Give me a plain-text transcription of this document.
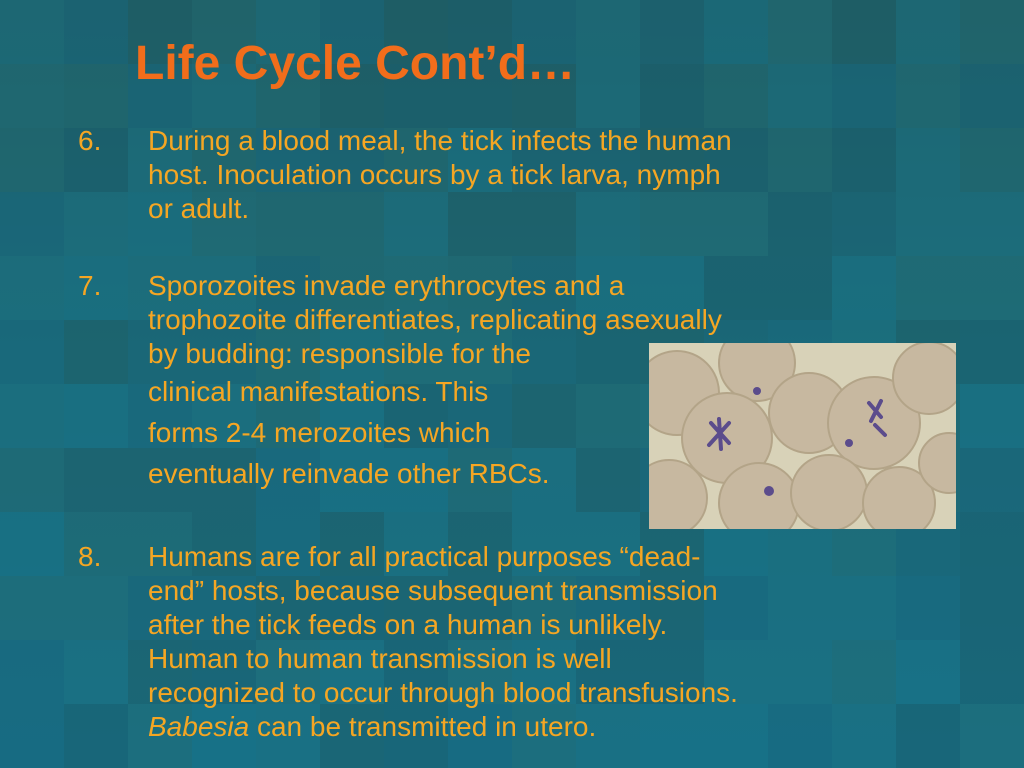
Life Cycle Cont’d…
6.	During a blood meal, the tick infects the human
host. Inoculation occurs by a tick larva, nymph
or adult.
7.	Sporozoites invade erythrocytes and a
trophozoite differentiates, replicating asexually
by budding: responsible for the
clinical manifestations. This
forms 2-4 merozoites which
eventually reinvade other RBCs.
8.	Humans are for all practical purposes “dead-
end” hosts, because subsequent transmission
after the tick feeds on a human is unlikely.
Human to human transmission is well
recognized to occur through blood transfusions.
Babesia can be transmitted in utero.
